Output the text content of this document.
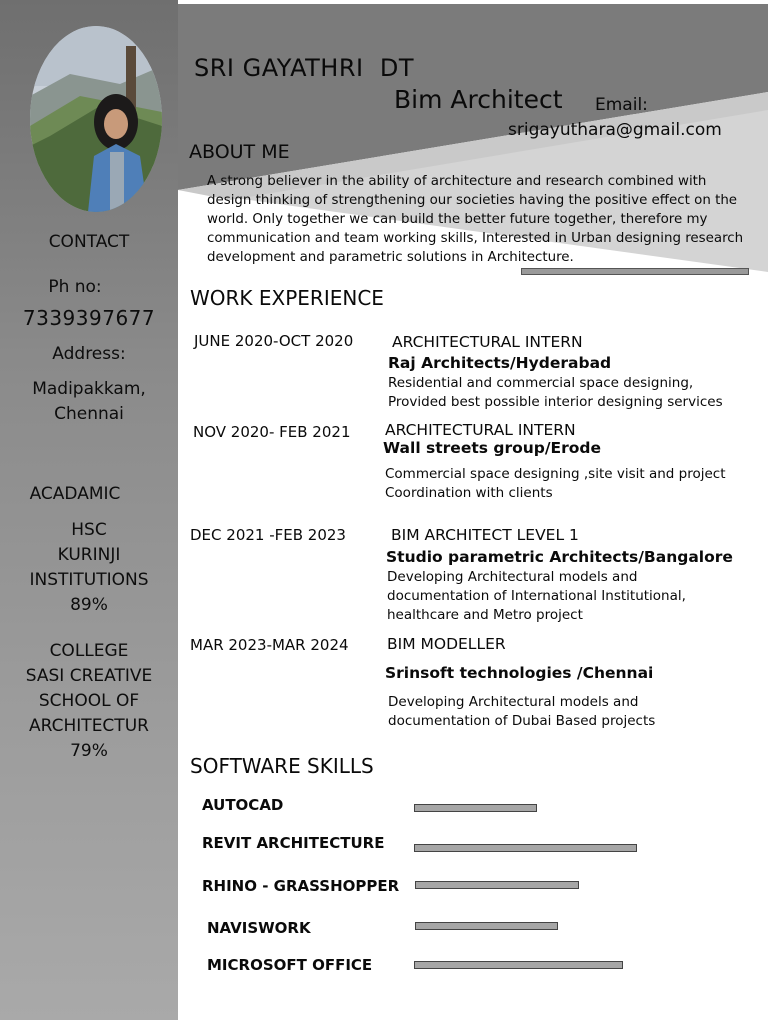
CONTACT
Ph no:
7339397677
Address:
Madipakkam,
Chennai
ACADAMIC
HSC
KURINJI
INSTITUTIONS
89%
COLLEGE
SASI CREATIVE
SCHOOL OF
ARCHITECTUR
79%
SRI GAYATHRI  DT
Bim Architect Email:
srigayuthara@gmail.com
ABOUT ME
A strong believer in the ability of architecture and research combined with
design thinking of strengthening our societies having the positive effect on the
world. Only together we can build the better future together, therefore my
communication and team working skills, Interested in Urban designing research
development and parametric solutions in Architecture.
WORK EXPERIENCE
JUNE 2020-OCT 2020 ARCHITECTURAL INTERN
Raj Architects/Hyderabad
Residential and commercial space designing,
Provided best possible interior designing services
NOV 2020- FEB 2021 ARCHITECTURAL INTERN
Wall streets group/Erode
Commercial space designing ,site visit and project
Coordination with clients
DEC 2021 -FEB 2023	BIM ARCHITECT LEVEL 1
Studio parametric Architects/Bangalore
Developing Architectural models and
documentation of International Institutional,
healthcare and Metro project
MAR 2023-MAR 2024 BIM MODELLER
Srinsoft technologies /Chennai
Developing Architectural models and
documentation of Dubai Based projects
SOFTWARE SKILLS
AUTOCAD
REVIT ARCHITECTURE
RHINO - GRASSHOPPER
NAVISWORK
MICROSOFT OFFICE
